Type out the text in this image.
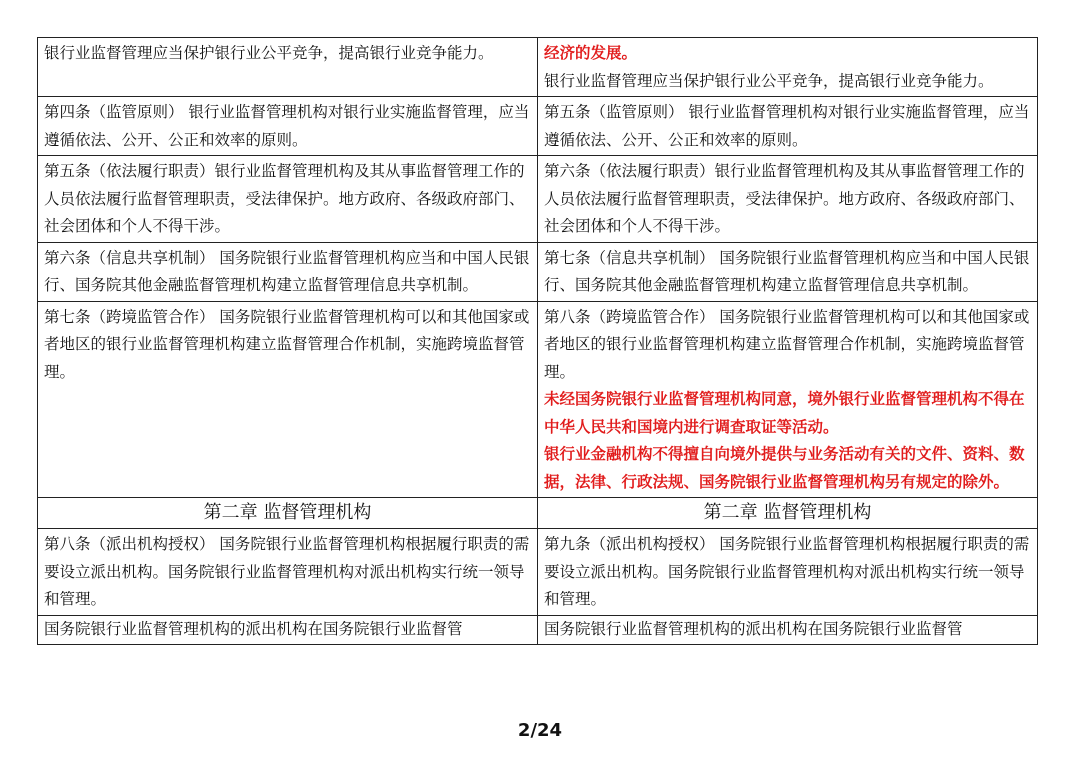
银行业监督管理应当保护银行业公平竞争，提高银行业竞争能力。	经济的发展。
银行业监督管理应当保护银行业公平竞争，提高银行业竞争能力。

第四条（监管原则） 银行业监督管理机构对银行业实施监督管理，应当遵循依法、公开、公正和效率的原则。	第五条（监管原则） 银行业监督管理机构对银行业实施监督管理，应当遵循依法、公开、公正和效率的原则。

第五条（依法履行职责）银行业监督管理机构及其从事监督管理工作的人员依法履行监督管理职责，受法律保护。地方政府、各级政府部门、社会团体和个人不得干涉。	第六条（依法履行职责）银行业监督管理机构及其从事监督管理工作的人员依法履行监督管理职责，受法律保护。地方政府、各级政府部门、社会团体和个人不得干涉。

第六条（信息共享机制） 国务院银行业监督管理机构应当和中国人民银行、国务院其他金融监督管理机构建立监督管理信息共享机制。	第七条（信息共享机制） 国务院银行业监督管理机构应当和中国人民银行、国务院其他金融监督管理机构建立监督管理信息共享机制。

第七条（跨境监管合作） 国务院银行业监督管理机构可以和其他国家或者地区的银行业监督管理机构建立监督管理合作机制，实施跨境监督管理。	第八条（跨境监管合作） 国务院银行业监督管理机构可以和其他国家或者地区的银行业监督管理机构建立监督管理合作机制，实施跨境监督管理。
未经国务院银行业监督管理机构同意，境外银行业监督管理机构不得在中华人民共和国境内进行调查取证等活动。
银行业金融机构不得擅自向境外提供与业务活动有关的文件、资料、数据，法律、行政法规、国务院银行业监督管理机构另有规定的除外。

第二章 监督管理机构	第二章 监督管理机构

第八条（派出机构授权） 国务院银行业监督管理机构根据履行职责的需要设立派出机构。国务院银行业监督管理机构对派出机构实行统一领导和管理。	第九条（派出机构授权） 国务院银行业监督管理机构根据履行职责的需要设立派出机构。国务院银行业监督管理机构对派出机构实行统一领导和管理。

国务院银行业监督管理机构的派出机构在国务院银行业监督管	国务院银行业监督管理机构的派出机构在国务院银行业监督管
2/24
